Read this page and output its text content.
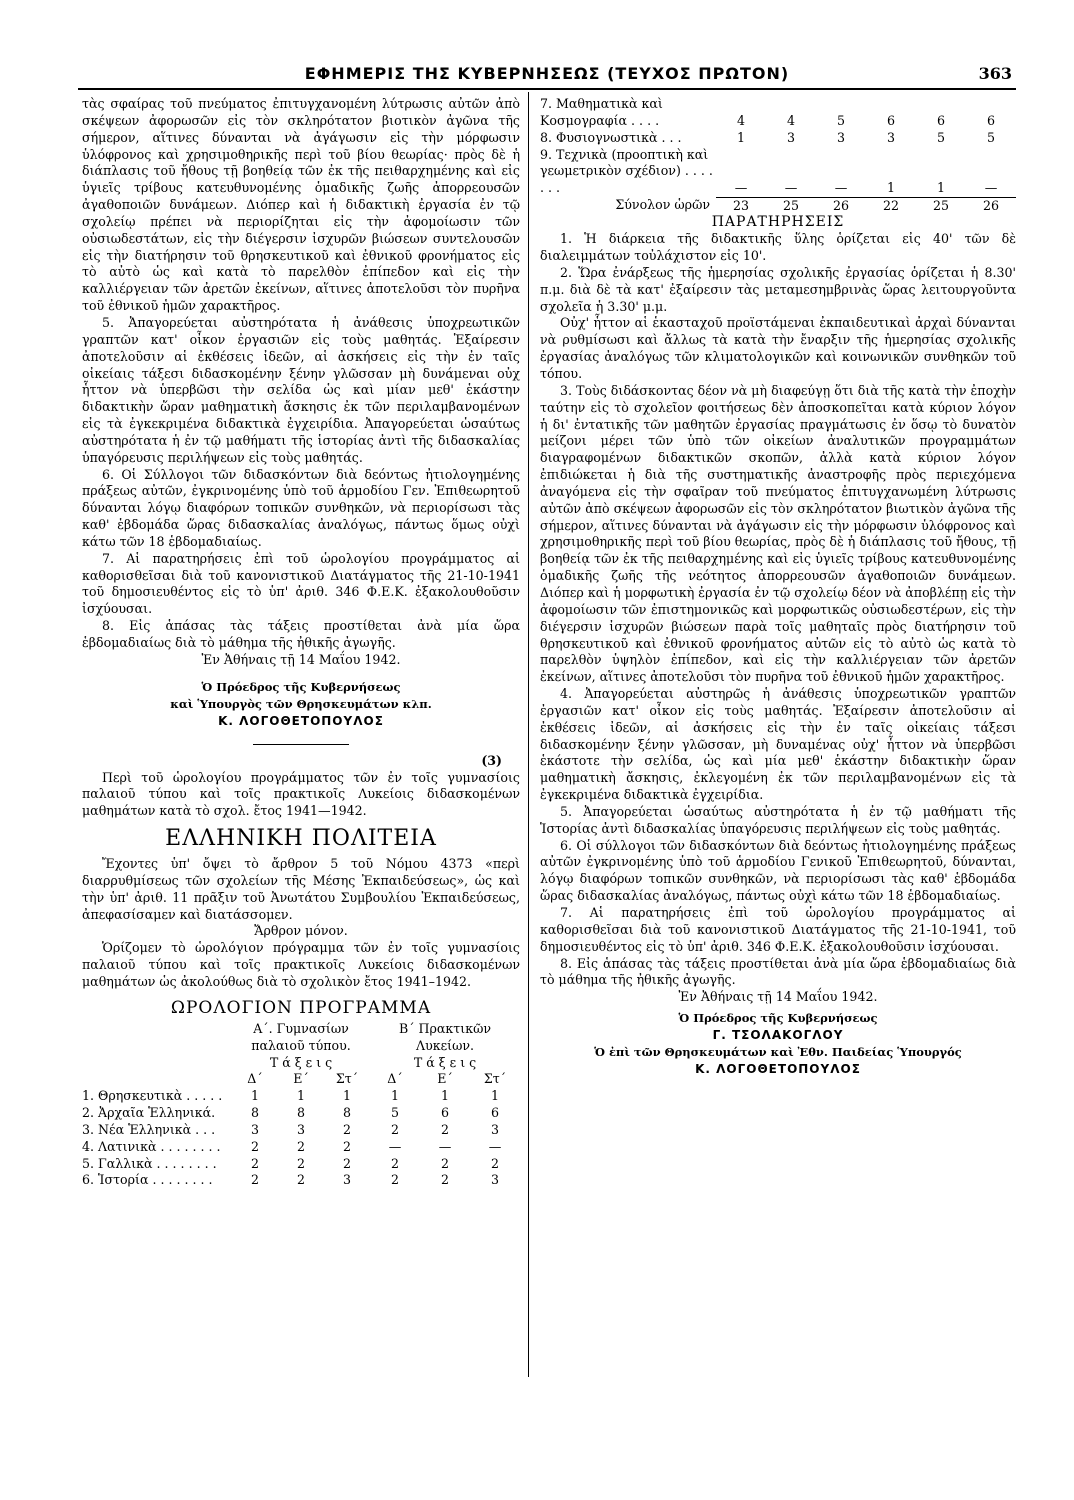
ΕΦΗΜΕΡΙΣ ΤΗΣ ΚΥΒΕΡΝΗΣΕΩΣ (ΤΕΥΧΟΣ ΠΡΩΤΟΝ)	363

τὰς σφαίρας τοῦ πνεύματος ἐπιτυγχανομένη λύτρωσις αὐτῶν ἀπὸ σκέψεων ἀφορωσῶν εἰς τὸν σκληρότατον βιοτικὸν ἀγῶνα τῆς σήμερον, αἵτινες δύνανται νὰ ἀγάγωσιν εἰς τὴν μόρφωσιν ὑλόφρονος καὶ χρησιμοθηρικῆς περὶ τοῦ βίου θεωρίας· πρὸς δὲ ἡ διάπλασις τοῦ ἤθους τῇ βοηθείᾳ τῶν ἐκ τῆς πειθαρχημένης καὶ εἰς ὑγιεῖς τρίβους κατευθυνομένης ὁμαδικῆς ζωῆς ἀπορρεουσῶν ἀγαθοποιῶν δυνάμεων. Διόπερ καὶ ἡ διδακτικὴ ἐργασία ἐν τῷ σχολείῳ πρέπει νὰ περιορίζηται εἰς τὴν ἀφομοίωσιν τῶν οὐσιωδεστάτων, εἰς τὴν διέγερσιν ἰσχυρῶν βιώσεων συντελουσῶν εἰς τὴν διατήρησιν τοῦ θρησκευτικοῦ καὶ ἐθνικοῦ φρονήματος εἰς τὸ αὐτὸ ὡς καὶ κατὰ τὸ παρελθὸν ἐπίπεδον καὶ εἰς τὴν καλλιέργειαν τῶν ἀρετῶν ἐκείνων, αἵτινες ἀποτελοῦσι τὸν πυρῆνα τοῦ ἐθνικοῦ ἡμῶν χαρακτῆρος.

5. Ἀπαγορεύεται αὐστηρότατα ἡ ἀνάθεσις ὑποχρεωτικῶν γραπτῶν κατ' οἶκον ἐργασιῶν εἰς τοὺς μαθητάς. Ἐξαίρεσιν ἀποτελοῦσιν αἱ ἐκθέσεις ἰδεῶν, αἱ ἀσκήσεις εἰς τὴν ἐν ταῖς οἰκείαις τάξεσι διδασκομένην ξένην γλῶσσαν μὴ δυνάμεναι οὐχ ἧττον νὰ ὑπερβῶσι τὴν σελίδα ὡς καὶ μίαν μεθ' ἑκάστην διδακτικὴν ὥραν μαθηματικὴ ἄσκησις ἐκ τῶν περιλαμβανομένων εἰς τὰ ἐγκεκριμένα διδακτικὰ ἐγχειρίδια. Ἀπαγορεύεται ὡσαύτως αὐστηρότατα ἡ ἐν τῷ μαθήματι τῆς ἱστορίας ἀντὶ τῆς διδασκαλίας ὑπαγόρευσις περιλήψεων εἰς τοὺς μαθητάς.

6. Οἱ Σύλλογοι τῶν διδασκόντων διὰ δεόντως ἠτιολογημένης πράξεως αὐτῶν, ἐγκρινομένης ὑπὸ τοῦ ἁρμοδίου Γεν. Ἐπιθεωρητοῦ δύνανται λόγῳ διαφόρων τοπικῶν συνθηκῶν, νὰ περιορίσωσι τὰς καθ' ἑβδομάδα ὥρας διδασκαλίας ἀναλόγως, πάντως ὅμως οὐχὶ κάτω τῶν 18 ἑβδομαδιαίως.

7. Αἱ παρατηρήσεις ἐπὶ τοῦ ὡρολογίου προγράμματος αἱ καθορισθεῖσαι διὰ τοῦ κανονιστικοῦ Διατάγματος τῆς 21-10-1941 τοῦ δημοσιευθέντος εἰς τὸ ὑπ' ἀριθ. 346 Φ.Ε.Κ. ἐξακολουθοῦσιν ἰσχύουσαι.

8. Εἰς ἁπάσας τὰς τάξεις προστίθεται ἀνὰ μία ὥρα ἑβδομαδιαίως διὰ τὸ μάθημα τῆς ἠθικῆς ἀγωγῆς.

Ἐν Ἀθήναις τῇ 14 Μαΐου 1942.

Ὁ Πρόεδρος τῆς Κυβερνήσεως

καὶ Ὑπουργὸς τῶν Θρησκευμάτων κλπ.

Κ. ΛΟΓΟΘΕΤΟΠΟΥΛΟΣ

(3)

Περὶ τοῦ ὡρολογίου προγράμματος τῶν ἐν τοῖς γυμνασίοις παλαιοῦ τύπου καὶ τοῖς πρακτικοῖς Λυκείοις διδασκομένων μαθημάτων κατὰ τὸ σχολ. ἔτος 1941—1942.

ΕΛΛΗΝΙΚΗ ΠΟΛΙΤΕΙΑ

Ἔχοντες ὑπ' ὄψει τὸ ἄρθρον 5 τοῦ Νόμου 4373 «περὶ διαρρυθμίσεως τῶν σχολείων τῆς Μέσης Ἐκπαιδεύσεως», ὡς καὶ τὴν ὑπ' ἀριθ. 11 πρᾶξιν τοῦ Ἀνωτάτου Συμβουλίου Ἐκπαιδεύσεως, ἀπεφασίσαμεν καὶ διατάσσομεν.

Ἄρθρον μόνον.

Ὁρίζομεν τὸ ὡρολόγιον πρόγραμμα τῶν ἐν τοῖς γυμνασίοις παλαιοῦ τύπου καὶ τοῖς πρακτικοῖς Λυκείοις διδασκομένων μαθημάτων ὡς ἀκολούθως διὰ τὸ σχολικὸν ἔτος 1941–1942.

ΩΡΟΛΟΓΙΟΝ ΠΡΟΓΡΑΜΜΑ
	Α΄. Γυμνασίων παλαιοῦ τύπου.			Β΄ Πρακτικῶν Λυκείων.		
	Τ ά ξ ε ι ς			Τ ά ξ ε ι ς		
	Δ΄	Ε΄	Στ΄	Δ΄	Ε΄	Στ΄
1. Θρησκευτικὰ . . . . .	1	1	1	1	1	1
2. Ἀρχαῖα Ἑλληνικά.	8	8	8	5	6	6
3. Νέα Ἑλληνικὰ . . .	3	3	2	2	2	3
4. Λατινικὰ . . . . . . . .	2	2	2	—	—	—
5. Γαλλικὰ . . . . . . . .	2	2	2	2	2	2
6. Ἱστορία . . . . . . . .	2	2	3	2	2	3
7. Μαθηματικὰ καὶ Κοσμογραφία . . . .	4	4	5	6	6	6
8. Φυσιογνωστικὰ . . .	1	3	3	3	5	5
9. Τεχνικὰ (προοπτικὴ καὶ γεωμετρικὸν σχέδιον) . . . . . . .	—	—	—	1	1	—
Σύνολον ὡρῶν	23	25	26	22	25	26

ΠΑΡΑΤΗΡΗΣΕΙΣ

1. Ἡ διάρκεια τῆς διδακτικῆς ὕλης ὁρίζεται εἰς 40' τῶν δὲ διαλειμμάτων τοὐλάχιστον εἰς 10'.

2. Ὥρα ἐνάρξεως τῆς ἡμερησίας σχολικῆς ἐργασίας ὁρίζεται ἡ 8.30' π.μ. διὰ δὲ τὰ κατ' ἐξαίρεσιν τὰς μεταμεσημβρινὰς ὥρας λειτουργοῦντα σχολεῖα ἡ 3.30' μ.μ.

Οὐχ' ἧττον αἱ ἑκασταχοῦ προϊστάμεναι ἐκπαιδευτικαὶ ἀρχαὶ δύνανται νὰ ρυθμίσωσι καὶ ἄλλως τὰ κατὰ τὴν ἔναρξιν τῆς ἡμερησίας σχολικῆς ἐργασίας ἀναλόγως τῶν κλιματολογικῶν καὶ κοινωνικῶν συνθηκῶν τοῦ τόπου.

3. Τοὺς διδάσκοντας δέον νὰ μὴ διαφεύγῃ ὅτι διὰ τῆς κατὰ τὴν ἐποχὴν ταύτην εἰς τὸ σχολεῖον φοιτήσεως δὲν ἀποσκοπεῖται κατὰ κύριον λόγον ἡ δι' ἐντατικῆς τῶν μαθητῶν ἐργασίας πραγμάτωσις ἐν ὅσῳ τὸ δυνατὸν μείζονι μέρει τῶν ὑπὸ τῶν οἰκείων ἀναλυτικῶν προγραμμάτων διαγραφομένων διδακτικῶν σκοπῶν, ἀλλὰ κατὰ κύριον λόγον ἐπιδιώκεται ἡ διὰ τῆς συστηματικῆς ἀναστροφῆς πρὸς περιεχόμενα ἀναγόμενα εἰς τὴν σφαῖραν τοῦ πνεύματος ἐπιτυγχανωμένη λύτρωσις αὐτῶν ἀπὸ σκέψεων ἀφορωσῶν εἰς τὸν σκληρότατον βιωτικὸν ἀγῶνα τῆς σήμερον, αἵτινες δύνανται νὰ ἀγάγωσιν εἰς τὴν μόρφωσιν ὑλόφρονος καὶ χρησιμοθηρικῆς περὶ τοῦ βίου θεωρίας, πρὸς δὲ ἡ διάπλασις τοῦ ἤθους, τῇ βοηθείᾳ τῶν ἐκ τῆς πειθαρχημένης καὶ εἰς ὑγιεῖς τρίβους κατευθυνομένης ὁμαδικῆς ζωῆς τῆς νεότητος ἀπορρεουσῶν ἀγαθοποιῶν δυνάμεων. Διόπερ καὶ ἡ μορφωτικὴ ἐργασία ἐν τῷ σχολείῳ δέον νὰ ἀποβλέπῃ εἰς τὴν ἀφομοίωσιν τῶν ἐπιστημονικῶς καὶ μορφωτικῶς οὐσιωδεστέρων, εἰς τὴν διέγερσιν ἰσχυρῶν βιώσεων παρὰ τοῖς μαθηταῖς πρὸς διατήρησιν τοῦ θρησκευτικοῦ καὶ ἐθνικοῦ φρονήματος αὐτῶν εἰς τὸ αὐτὸ ὡς κατὰ τὸ παρελθὸν ὑψηλὸν ἐπίπεδον, καὶ εἰς τὴν καλλιέργειαν τῶν ἀρετῶν ἐκείνων, αἵτινες ἀποτελοῦσι τὸν πυρῆνα τοῦ ἐθνικοῦ ἡμῶν χαρακτῆρος.

4. Ἀπαγορεύεται αὐστηρῶς ἡ ἀνάθεσις ὑποχρεωτικῶν γραπτῶν ἐργασιῶν κατ' οἶκον εἰς τοὺς μαθητάς. Ἐξαίρεσιν ἀποτελοῦσιν αἱ ἐκθέσεις ἰδεῶν, αἱ ἀσκήσεις εἰς τὴν ἐν ταῖς οἰκείαις τάξεσι διδασκομένην ξένην γλῶσσαν, μὴ δυναμένας οὐχ' ἧττον νὰ ὑπερβῶσι ἑκάστοτε τὴν σελίδα, ὡς καὶ μία μεθ' ἑκάστην διδακτικὴν ὥραν μαθηματικὴ ἄσκησις, ἐκλεγομένη ἐκ τῶν περιλαμβανομένων εἰς τὰ ἐγκεκριμένα διδακτικὰ ἐγχειρίδια.

5. Ἀπαγορεύεται ὡσαύτως αὐστηρότατα ἡ ἐν τῷ μαθήματι τῆς Ἱστορίας ἀντὶ διδασκαλίας ὑπαγόρευσις περιλήψεων εἰς τοὺς μαθητάς.

6. Οἱ σύλλογοι τῶν διδασκόντων διὰ δεόντως ἠτιολογημένης πράξεως αὐτῶν ἐγκρινομένης ὑπὸ τοῦ ἁρμοδίου Γενικοῦ Ἐπιθεωρητοῦ, δύνανται, λόγῳ διαφόρων τοπικῶν συνθηκῶν, νὰ περιορίσωσι τὰς καθ' ἑβδομάδα ὥρας διδασκαλίας ἀναλόγως, πάντως οὐχὶ κάτω τῶν 18 ἑβδομαδιαίως.

7. Αἱ παρατηρήσεις ἐπὶ τοῦ ὡρολογίου προγράμματος αἱ καθορισθεῖσαι διὰ τοῦ κανονιστικοῦ Διατάγματος τῆς 21-10-1941, τοῦ δημοσιευθέντος εἰς τὸ ὑπ' ἀριθ. 346 Φ.Ε.Κ. ἐξακολουθοῦσιν ἰσχύουσαι.

8. Εἰς ἁπάσας τὰς τάξεις προστίθεται ἀνὰ μία ὥρα ἑβδομαδιαίως διὰ τὸ μάθημα τῆς ἠθικῆς ἀγωγῆς.

Ἐν Ἀθήναις τῇ 14 Μαΐου 1942.

Ὁ Πρόεδρος τῆς Κυβερνήσεως

Γ. ΤΣΟΛΑΚΟΓΛΟΥ

Ὁ ἐπὶ τῶν Θρησκευμάτων καὶ Ἐθν. Παιδείας Ὑπουργός

Κ. ΛΟΓΟΘΕΤΟΠΟΥΛΟΣ
